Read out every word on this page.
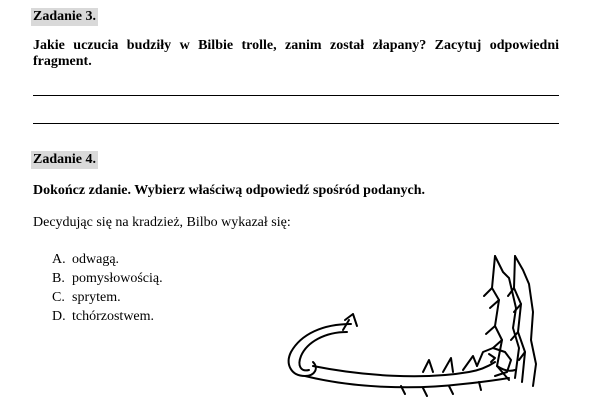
Zadanie 3.

Jakie uczucia budziły w Bilbie trolle, zanim został złapany? Zacytuj odpowiedni

fragment.

Zadanie 4.

Dokończ zdanie. Wybierz właściwą odpowiedź spośród podanych.

Decydując się na kradzież, Bilbo wykazał się:

A. odwagą.
B. pomysłowością.
C. sprytem.
D. tchórzostwem.
